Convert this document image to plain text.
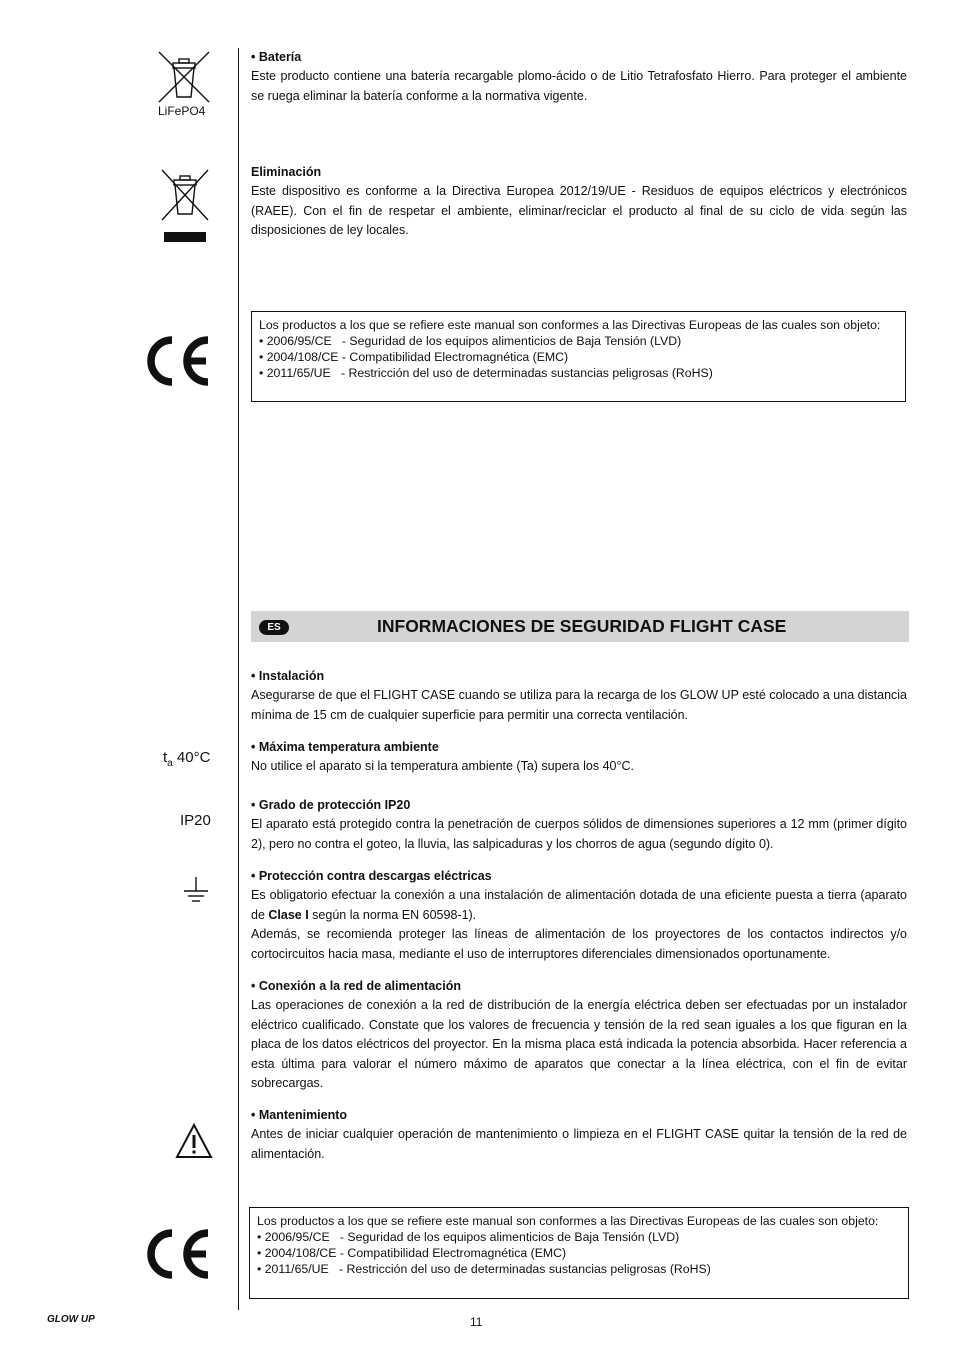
LiFePO4
• Batería

Este producto contiene una batería recargable plomo-ácido o de Litio Tetrafosfato Hierro. Para proteger el ambiente se ruega eliminar la batería conforme a la normativa vigente.

Eliminación

Este dispositivo es conforme a la Directiva Europea 2012/19/UE - Residuos de equipos eléctricos y electrónicos (RAEE). Con el fin de respetar el ambiente, eliminar/reciclar el producto al final de su ciclo de vida según las disposiciones de ley locales.

Los productos a los que se refiere este manual son conformes a las Directivas Europeas de las cuales son objeto:

• 2006/95/CE   - Seguridad de los equipos alimenticios de Baja Tensión (LVD)
• 2004/108/CE - Compatibilidad Electromagnética (EMC)
• 2011/65/UE   - Restricción del uso de determinadas sustancias peligrosas (RoHS)
ES	INFORMACIONES DE SEGURIDAD FLIGHT CASE
• Instalación

Asegurarse de que el FLIGHT CASE cuando se utiliza para la recarga de los GLOW UP esté colocado a una distancia mínima de 15 cm de cualquier superficie para permitir una correcta ventilación.

$t_a$ 40°C
• Máxima temperatura ambiente

No utilice el aparato si la temperatura ambiente (Ta) supera los 40°C.

IP20
• Grado de protección IP20

El aparato está protegido contra la penetración de cuerpos sólidos de dimensiones superiores a 12 mm (primer dígito 2), pero no contra el goteo, la lluvia, las salpicaduras y los chorros de agua (segundo dígito 0).

• Protección contra descargas eléctricas

Es obligatorio efectuar la conexión a una instalación de alimentación dotada de una eficiente puesta a tierra (aparato de Clase I según la norma EN 60598-1).

Además, se recomienda proteger las líneas de alimentación de los proyectores de los contactos indirectos y/o cortocircuitos hacia masa, mediante el uso de interruptores diferenciales dimensionados oportunamente.

• Conexión a la red de alimentación

Las operaciones de conexión a la red de distribución de la energía eléctrica deben ser efectuadas por un instalador eléctrico cualificado. Constate que los valores de frecuencia y tensión de la red sean iguales a los que figuran en la placa de los datos eléctricos del proyector. En la misma placa está indicada la potencia absorbida. Hacer referencia a esta última para valorar el número máximo de aparatos que conectar a la línea eléctrica, con el fin de evitar sobrecargas.

• Mantenimiento

Antes de iniciar cualquier operación de mantenimiento o limpieza en el FLIGHT CASE quitar la tensión de la red de alimentación.

Los productos a los que se refiere este manual son conformes a las Directivas Europeas de las cuales son objeto:

• 2006/95/CE   - Seguridad de los equipos alimenticios de Baja Tensión (LVD)
• 2004/108/CE - Compatibilidad Electromagnética (EMC)
• 2011/65/UE   - Restricción del uso de determinadas sustancias peligrosas (RoHS)
GLOW UP	11
